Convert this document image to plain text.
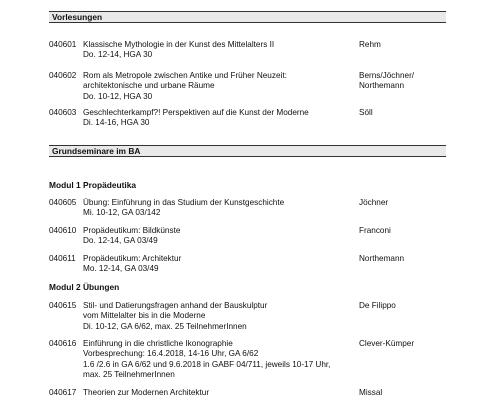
Vorlesungen
040601 Klassische Mythologie in der Kunst des Mittelalters II
Do. 12-14, HGA 30
Rehm
040602 Rom als Metropole zwischen Antike und Früher Neuzeit:
architektonische und urbane Räume
Do. 10-12, HGA 30
Berns/Jöchner/
Northemann
040603 Geschlechterkampf?! Perspektiven auf die Kunst der Moderne
Di. 14-16, HGA 30
Söll
Grundseminare im BA
Modul 1 Propädeutika
040605 Übung: Einführung in das Studium der Kunstgeschichte
Mi. 10-12, GA 03/142
Jöchner
040610 Propädeutikum: Bildkünste
Do. 12-14, GA 03/49
Franconi
040611 Propädeutikum: Architektur
Mo. 12-14, GA 03/49
Northemann
Modul 2 Übungen
040615 Stil- und Datierungsfragen anhand der Bauskulptur
vom Mittelalter bis in die Moderne
Di. 10-12, GA 6/62, max. 25 TeilnehmerInnen
De Filippo
040616 Einführung in die christliche Ikonographie
Vorbesprechung: 16.4.2018, 14-16 Uhr, GA 6/62
1.6 /2.6 in GA 6/62 und 9.6.2018 in GABF 04/711, jeweils 10-17 Uhr,
max. 25 TeilnehmerInnen
Clever-Kümper
040617 Theorien zur Modernen Architektur	Missal
